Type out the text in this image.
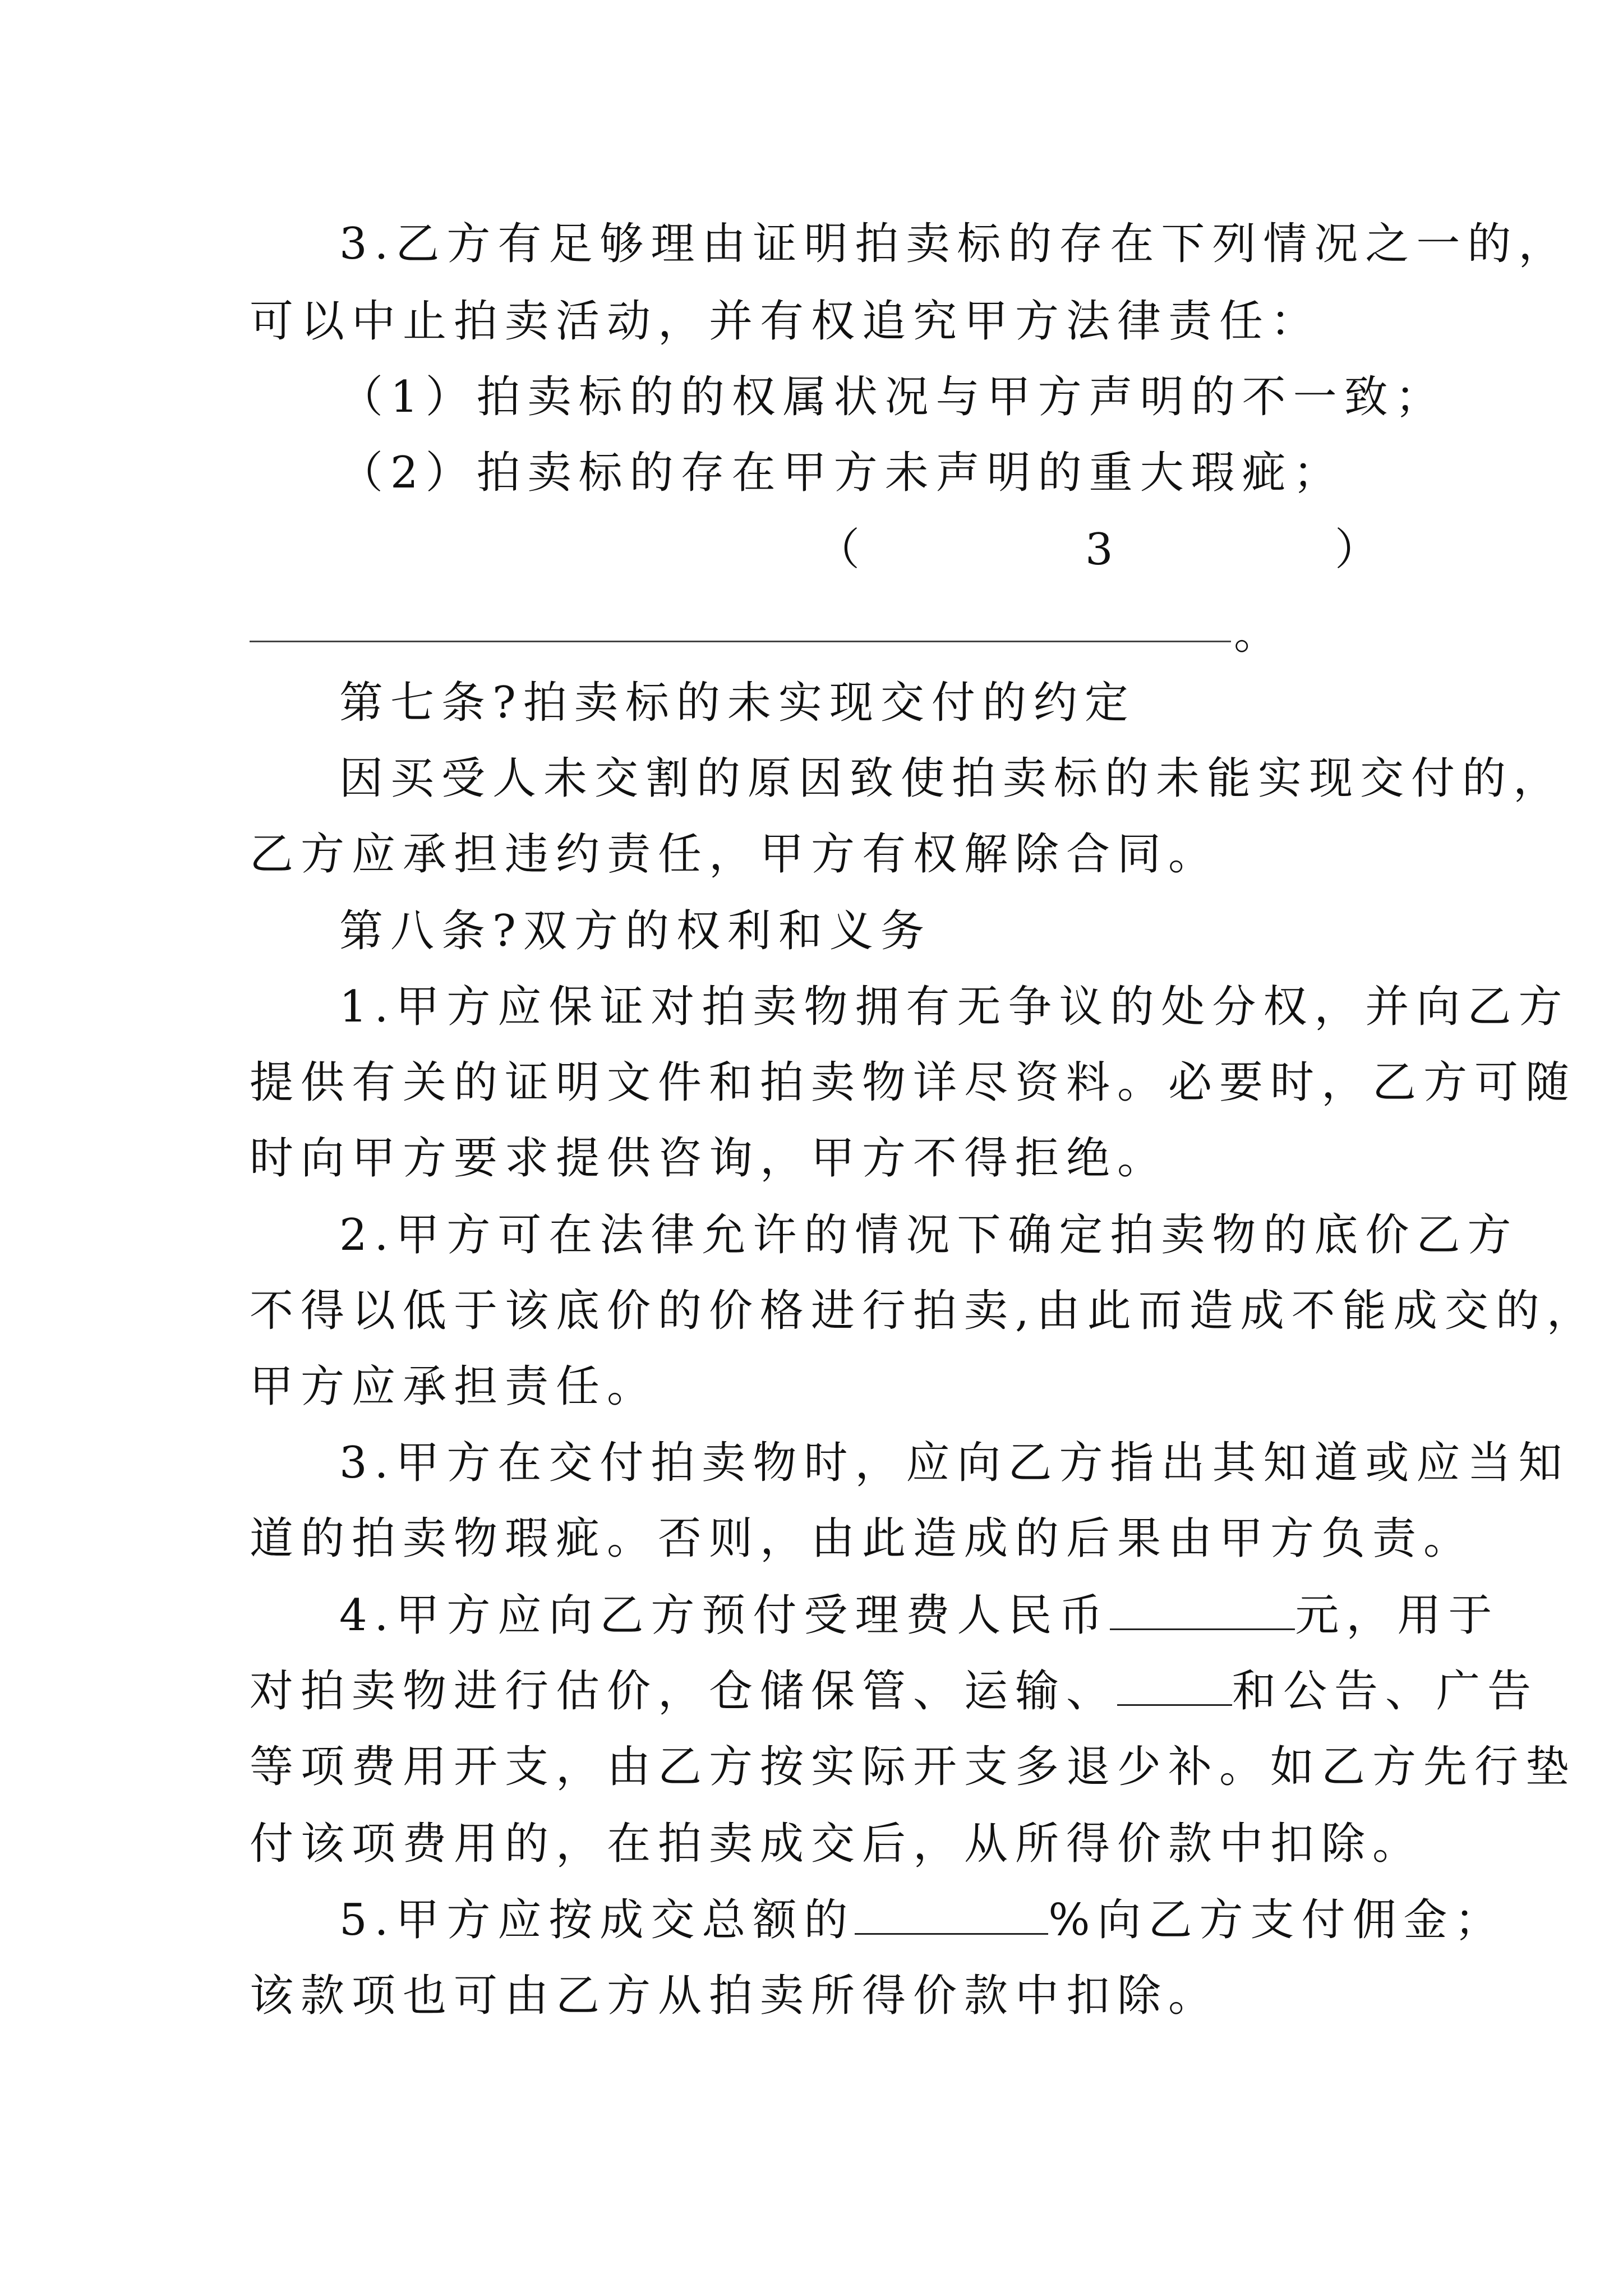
3.乙方有足够理由证明拍卖标的存在下列情况之一的，
可以中止拍卖活动，并有权追究甲方法律责任：
（1）拍卖标的的权属状况与甲方声明的不一致；
（2）拍卖标的存在甲方未声明的重大瑕疵；
（	3	）
。
第七条?拍卖标的未实现交付的约定
因买受人未交割的原因致使拍卖标的未能实现交付的，
乙方应承担违约责任，甲方有权解除合同。
第八条?双方的权利和义务
1.甲方应保证对拍卖物拥有无争议的处分权，并向乙方
提供有关的证明文件和拍卖物详尽资料。必要时，乙方可随
时向甲方要求提供咨询，甲方不得拒绝。
2.甲方可在法律允许的情况下确定拍卖物的底价乙方
不得以低于该底价的价格进行拍卖,由此而造成不能成交的，
甲方应承担责任。
3.甲方在交付拍卖物时，应向乙方指出其知道或应当知
道的拍卖物瑕疵。否则，由此造成的后果由甲方负责。
4.甲方应向乙方预付受理费人民币	元，用于
对拍卖物进行估价，仓储保管、运输、	和公告、广告
等项费用开支，由乙方按实际开支多退少补。如乙方先行垫
付该项费用的，在拍卖成交后，从所得价款中扣除。
5.甲方应按成交总额的	%向乙方支付佣金；
该款项也可由乙方从拍卖所得价款中扣除。
